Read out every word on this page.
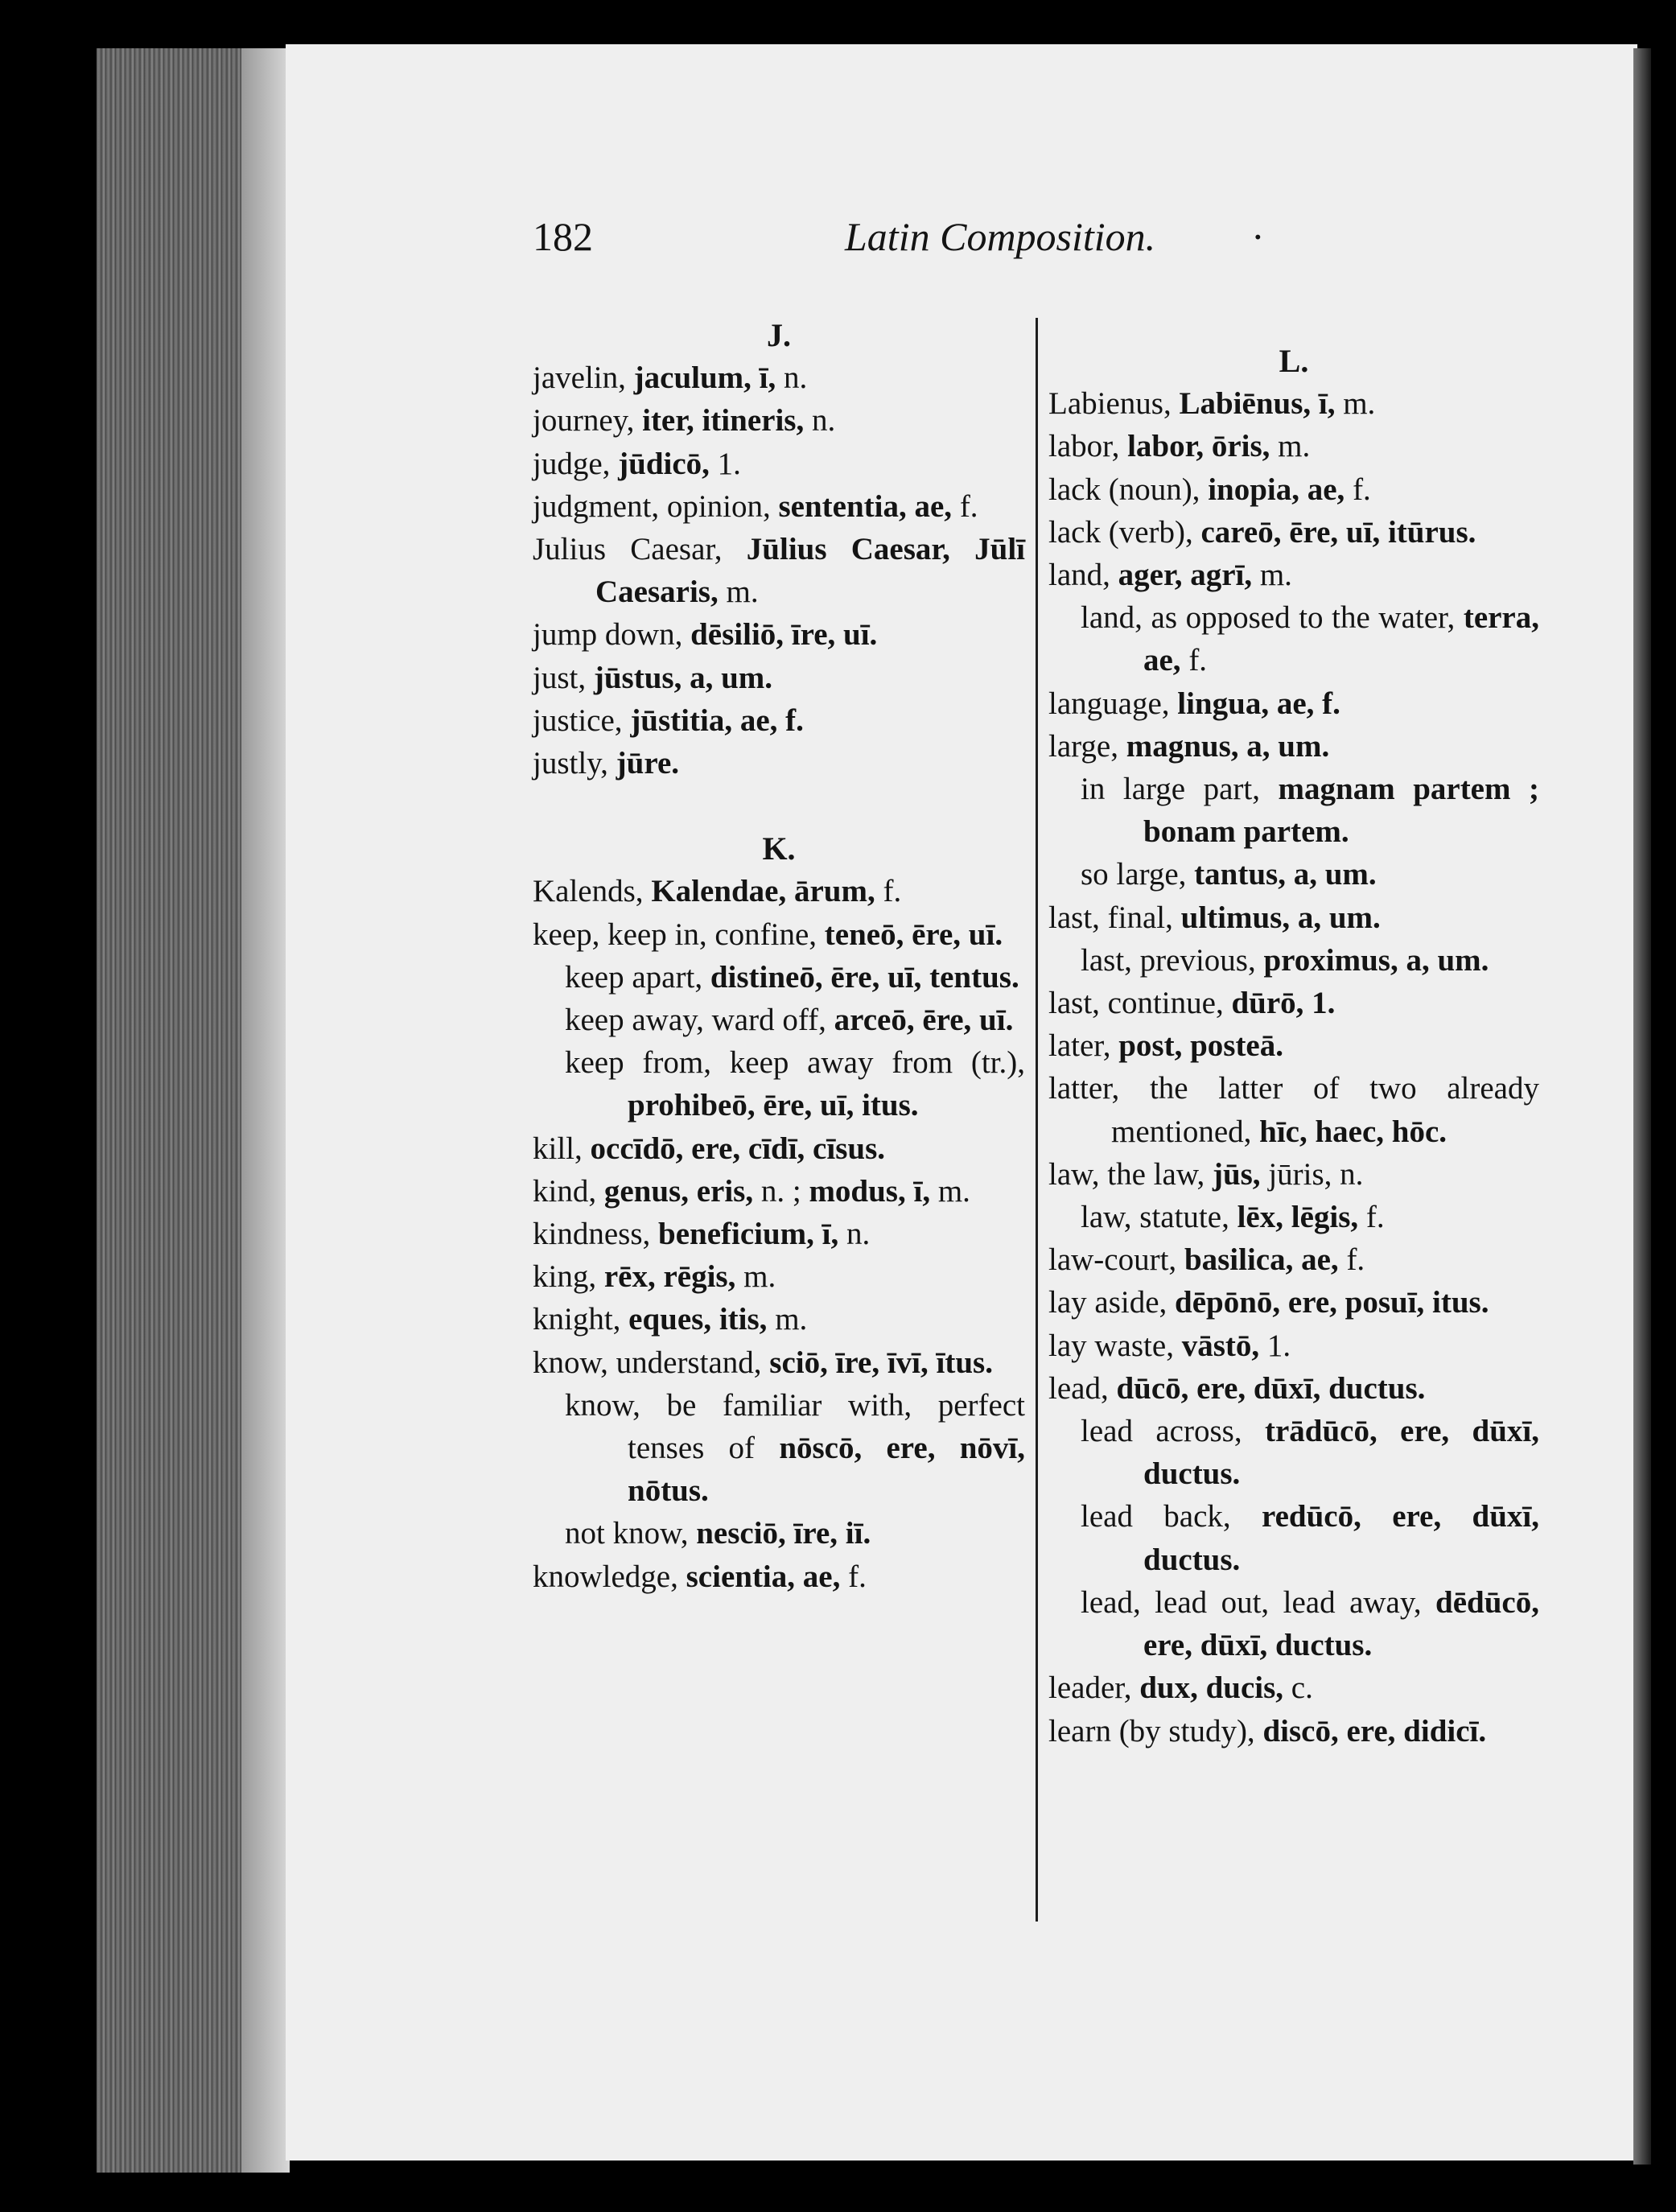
182	Latin Composition. ·
J.
javelin, jaculum, ī, n.
journey, iter, itineris, n.
judge, jūdicō, 1.
judgment, opinion, sententia, ae, f.
Julius Caesar, Jūlius Caesar, Jūlī Caesaris, m.
jump down, dēsiliō, īre, uī.
just, jūstus, a, um.
justice, jūstitia, ae, f.
justly, jūre.
K.
Kalends, Kalendae, ārum, f.
keep, keep in, confine, teneō, ēre, uī.
keep apart, distineō, ēre, uī, tentus.
keep away, ward off, arceō, ēre, uī.
keep from, keep away from (tr.), prohibeō, ēre, uī, itus.
kill, occīdō, ere, cīdī, cīsus.
kind, genus, eris, n. ; modus, ī, m.
kindness, beneficium, ī, n.
king, rēx, rēgis, m.
knight, eques, itis, m.
know, understand, sciō, īre, īvī, ītus.
know, be familiar with, perfect tenses of nōscō, ere, nōvī, nōtus.
not know, nesciō, īre, iī.
knowledge, scientia, ae, f.
L.
Labienus, Labiēnus, ī, m.
labor, labor, ōris, m.
lack (noun), inopia, ae, f.
lack (verb), careō, ēre, uī, itūrus.
land, ager, agrī, m.
land, as opposed to the water, terra, ae, f.
language, lingua, ae, f.
large, magnus, a, um.
in large part, magnam partem ; bonam partem.
so large, tantus, a, um.
last, final, ultimus, a, um.
last, previous, proximus, a, um.
last, continue, dūrō, 1.
later, post, posteā.
latter, the latter of two already mentioned, hīc, haec, hōc.
law, the law, jūs, jūris, n.
law, statute, lēx, lēgis, f.
law-court, basilica, ae, f.
lay aside, dēpōnō, ere, posuī, itus.
lay waste, vāstō, 1.
lead, dūcō, ere, dūxī, ductus.
lead across, trādūcō, ere, dūxī, ductus.
lead back, redūcō, ere, dūxī, ductus.
lead, lead out, lead away, dēdūcō, ere, dūxī, ductus.
leader, dux, ducis, c.
learn (by study), discō, ere, didicī.
